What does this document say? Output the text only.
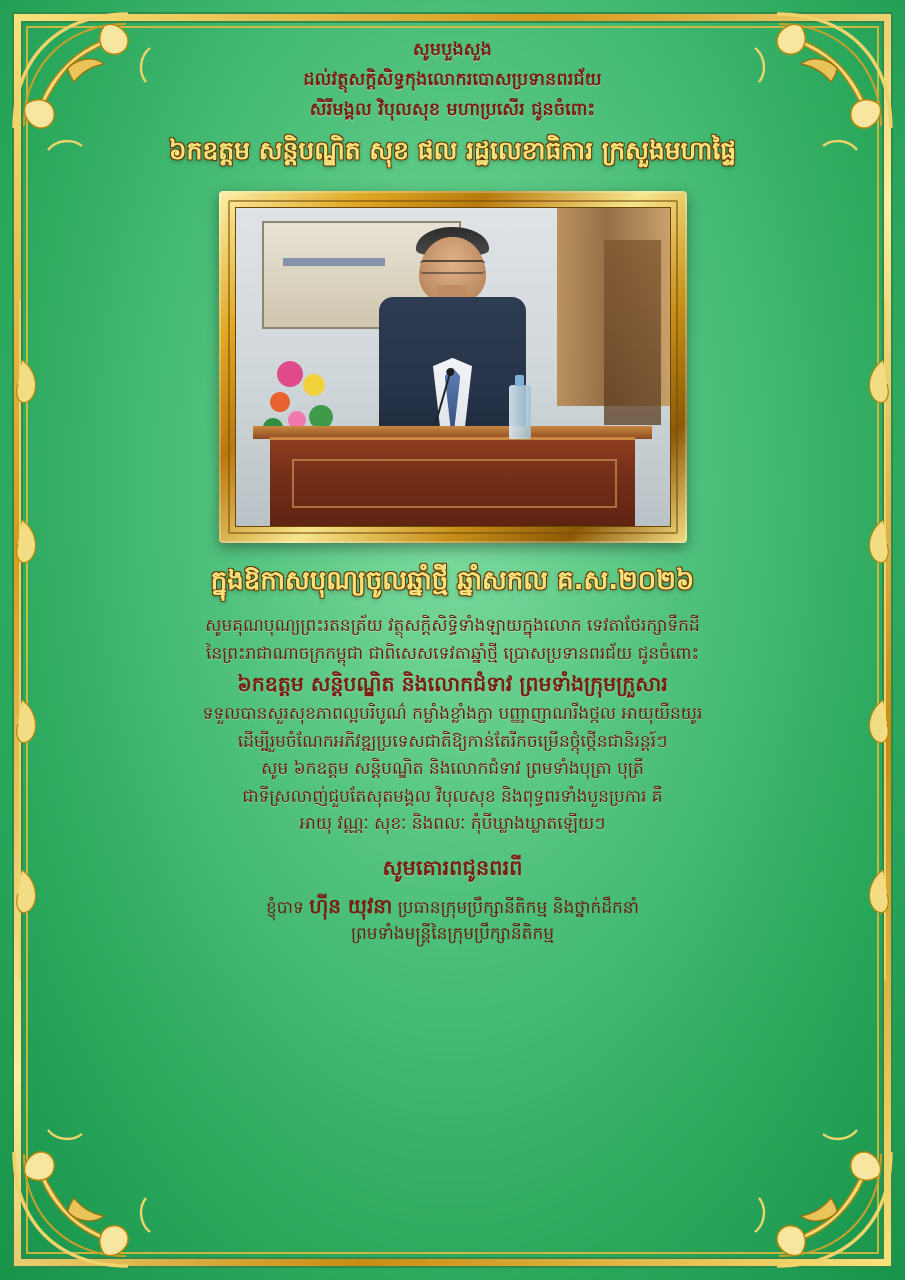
សូមបួងសួង
ដល់វត្ថុសក្តិសិទ្ធកុងលោករបោសប្រទានពរជ័យ
សិរីមង្គល វិបុលសុខ មហាប្រសើរ ជូនចំពោះ
៦កឧត្តម សន្តិបណ្ឌិត សុខ ផល រដ្ឋលេខាធិការ ក្រសួងមហាផ្ទៃ
ក្នុងឱកាសបុណ្យចូលឆ្នាំថ្មី ឆ្នាំសកល គ.ស.២០២៦
សូមគុណបុណ្យព្រះរតនត្រ័យ វត្ថុសក្តិសិទ្ធិទាំងឡាយក្នុងលោក ទេវតាថែរក្សាទឹកដី
នៃព្រះរាជាណាចក្រកម្ពុជា ជាពិសេសទេវតាឆ្នាំថ្មី ប្រោសប្រទានពរជ័យ ជូនចំពោះ
៦កឧត្តម សន្តិបណ្ឌិត និងលោកជំទាវ ព្រមទាំងក្រុមក្រួសារ
ទទួលបានសួរសុខភាពល្អបរិបូណ៌ កម្លាំងខ្លាំងក្លា បញ្ញាញាណរឹងថ្កល អាយុយឺនយូរ
ដើម្បីរួមចំណែកអភិវឌ្ឍប្រទេសជាតិឱ្យកាន់តែរីកចម្រើនថ្កុំថ្កើនជានិរន្តរ៍ៗ
សូម ៦កឧត្តម សន្តិបណ្ឌិត និងលោកជំទាវ ព្រមទាំងបុត្រា បុត្រី
ជាទីស្រលាញ់ជួបតែសុតមង្គល វិបុលសុខ និងពុទ្ធពរទាំងបួនប្រការ គឺ
អាយុ វណ្ណៈ សុខៈ និងពលៈ កុំបីឃ្លាងឃ្លាតឡើយៗ
សូមគោរពជូនពរពី
ខ្ញុំបាទ ហ៊ីន យុវនា ប្រធានក្រុមប្រឹក្សានីតិកម្ម និងថ្នាក់ដឹកនាំ
ព្រមទាំងមន្ត្រីនៃក្រុមប្រឹក្សានីតិកម្ម
